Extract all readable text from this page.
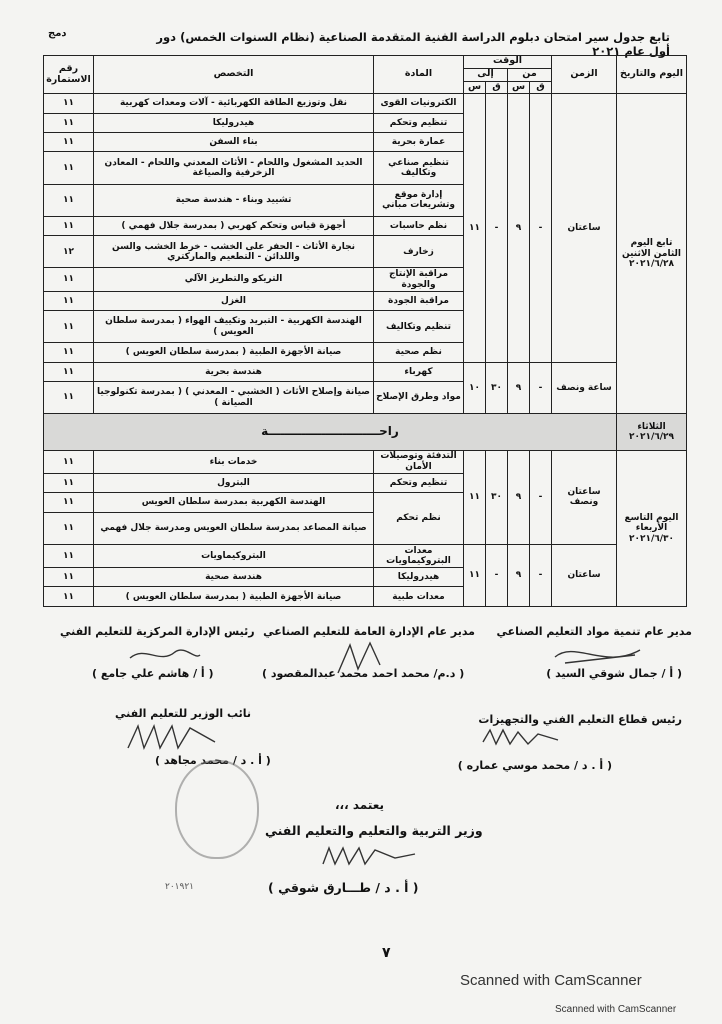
تابع جدول سير امتحان دبلوم الدراسة الفنية المتقدمة الصناعية (نظام السنوات الخمس) دور أول عام ٢٠٢١
دمج
اليوم والتاريخ	الزمن	الوقت				المادة	التخصص	رقم الاستمارة
		من		إلى				
		ق	س	ق	س			
تابع اليوم الثامن الاثنين ٢٠٢١/٦/٢٨	ساعتان	-	٩	-	١١	الكترونيات القوى	نقل وتوزيع الطاقة الكهربائية - آلات ومعدات كهربية	١١
						تنظيم وتحكم	هيدروليكا	١١
						عمارة بحرية	بناء السفن	١١
						تنظيم صناعي وتكاليف	الحديد المشغول واللحام - الأثاث المعدني واللحام - المعادن الزخرفية والصياغة	١١
						إدارة موقع وتشريعات مباني	تشييد وبناء - هندسة صحية	١١
						نظم حاسبات	أجهزة قياس وتحكم كهربي ( بمدرسة جلال فهمي )	١١
						زخارف	نجارة الأثاث - الحفر على الخشب - خرط الخشب والسن واللدائن - التطعيم والماركتري	١٢
						مراقبة الإنتاج والجودة	التريكو والتطريز الآلي	١١
						مراقبة الجودة	الغزل	١١
						تنظيم وتكاليف	الهندسة الكهربية - التبريد وتكييف الهواء ( بمدرسة سلطان العويس )	١١
						نظم صحية	صيانة الأجهزة الطبية ( بمدرسة سلطان العويس )	١١
	ساعة ونصف	-	٩	٣٠	١٠	كهرباء	هندسة بحرية	١١
						مواد وطرق الإصلاح	صيانة وإصلاح الأثاث ( الخشبي - المعدني ) ( بمدرسة تكنولوجيا الصيانة )	١١
الثلاثاء ٢٠٢١/٦/٢٩	راحـــــــــــــــــــــــــــة							
اليوم التاسع الأربعاء ٢٠٢١/٦/٣٠	ساعتان ونصف	-	٩	٣٠	١١	التدفئة وتوصيلات الأمان	خدمات بناء	١١
						تنظيم وتحكم	البترول	١١
						نظم تحكم	الهندسة الكهربية بمدرسة سلطان العويس	١١
							صيانة المصاعد بمدرسة سلطان العويس ومدرسة جلال فهمي	١١
	ساعتان	-	٩	-	١١	معدات البتروكيماويات	البتروكيماويات	١١
						هيدروليكا	هندسة صحية	١١
						معدات طبية	صيانة الأجهزة الطبية ( بمدرسة سلطان العويس )	١١
مدير عام تنمية مواد التعليم الصناعي
مدير عام الإدارة العامة للتعليم الصناعي
رئيس الإدارة المركزية للتعليم الفني
( أ / جمال شوقي السيد )
( د.م/ محمد احمد محمد عبدالمقصود )
( أ / هاشم علي جامع )
رئيس قطاع التعليم الفني والتجهيزات
نائب الوزير للتعليم الفني
( أ . د / محمد موسي عماره )
( أ . د / محمد مجاهد )
يعتمد ،،،
وزير التربية والتعليم والتعليم الفني
٢٠١٩٢١	( أ . د / طـــارق شوقي )
٧
Scanned with CamScanner
Scanned with CamScanner
